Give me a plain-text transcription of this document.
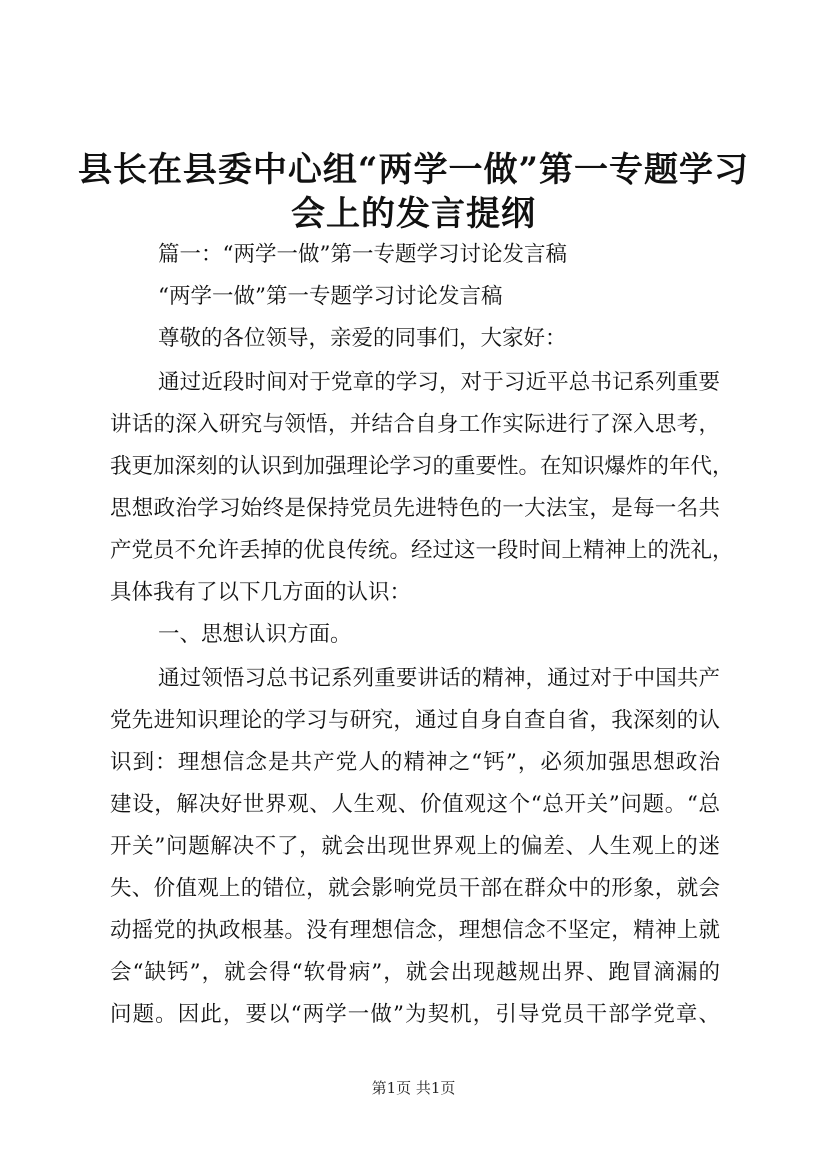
县长在县委中心组“两学一做”第一专题学习
会上的发言提纲

篇一：“两学一做”第一专题学习讨论发言稿

“两学一做”第一专题学习讨论发言稿

尊敬的各位领导，亲爱的同事们，大家好：

通过近段时间对于党章的学习，对于习近平总书记系列重要

讲话的深入研究与领悟，并结合自身工作实际进行了深入思考，

我更加深刻的认识到加强理论学习的重要性。在知识爆炸的年代，

思想政治学习始终是保持党员先进特色的一大法宝，是每一名共

产党员不允许丢掉的优良传统。经过这一段时间上精神上的洗礼，

具体我有了以下几方面的认识：

一、思想认识方面。

通过领悟习总书记系列重要讲话的精神，通过对于中国共产

党先进知识理论的学习与研究，通过自身自查自省，我深刻的认

识到：理想信念是共产党人的精神之“钙”，必须加强思想政治

建设，解决好世界观、人生观、价值观这个“总开关”问题。“总

开关”问题解决不了，就会出现世界观上的偏差、人生观上的迷

失、价值观上的错位，就会影响党员干部在群众中的形象，就会

动摇党的执政根基。没有理想信念，理想信念不坚定，精神上就

会“缺钙”，就会得“软骨病”，就会出现越规出界、跑冒滴漏的

问题。因此，要以“两学一做”为契机，引导党员干部学党章、

第1页 共1页
